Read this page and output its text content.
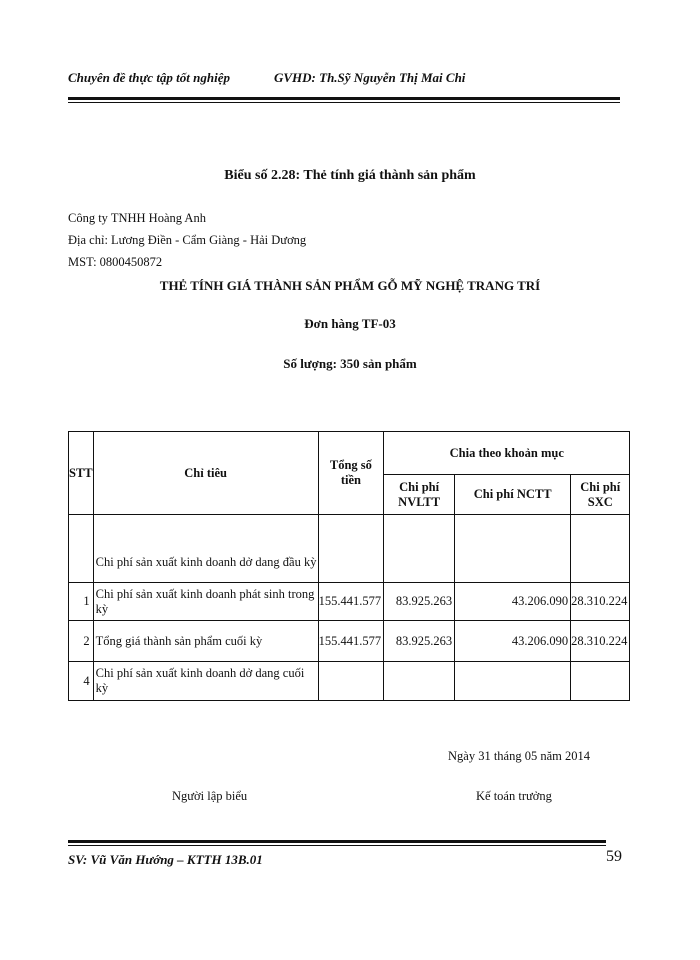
Chuyên đề thực tập tốt nghiệp	GVHD: Th.Sỹ Nguyễn Thị Mai Chi
Biểu số 2.28: Thẻ tính giá thành sản phẩm
Công ty TNHH Hoàng Anh
Địa chỉ: Lương Điền - Cẩm Giàng - Hải Dương
MST: 0800450872
THẺ TÍNH GIÁ THÀNH SẢN PHẨM GỖ MỸ NGHỆ TRANG TRÍ
Đơn hàng TF-03
Số lượng: 350 sản phẩm
STT	Chỉ tiêu	Tổng số tiền	Chia theo khoản mục		
			Chi phí NVLTT	Chi phí NCTT	Chi phí SXC
	Chi phí sản xuất kinh doanh dở dang đầu kỳ				
1	Chi phí sản xuất kinh doanh phát sinh trong kỳ	155.441.577	83.925.263	43.206.090	28.310.224
2	Tổng giá thành sản phẩm cuối kỳ	155.441.577	83.925.263	43.206.090	28.310.224
4	Chi phí sản xuất kinh doanh dở dang cuối kỳ				
Ngày 31 tháng 05 năm 2014
Người lập biểu	Kế toán trưởng
SV: Vũ Văn Hướng – KTTH 13B.01	59
